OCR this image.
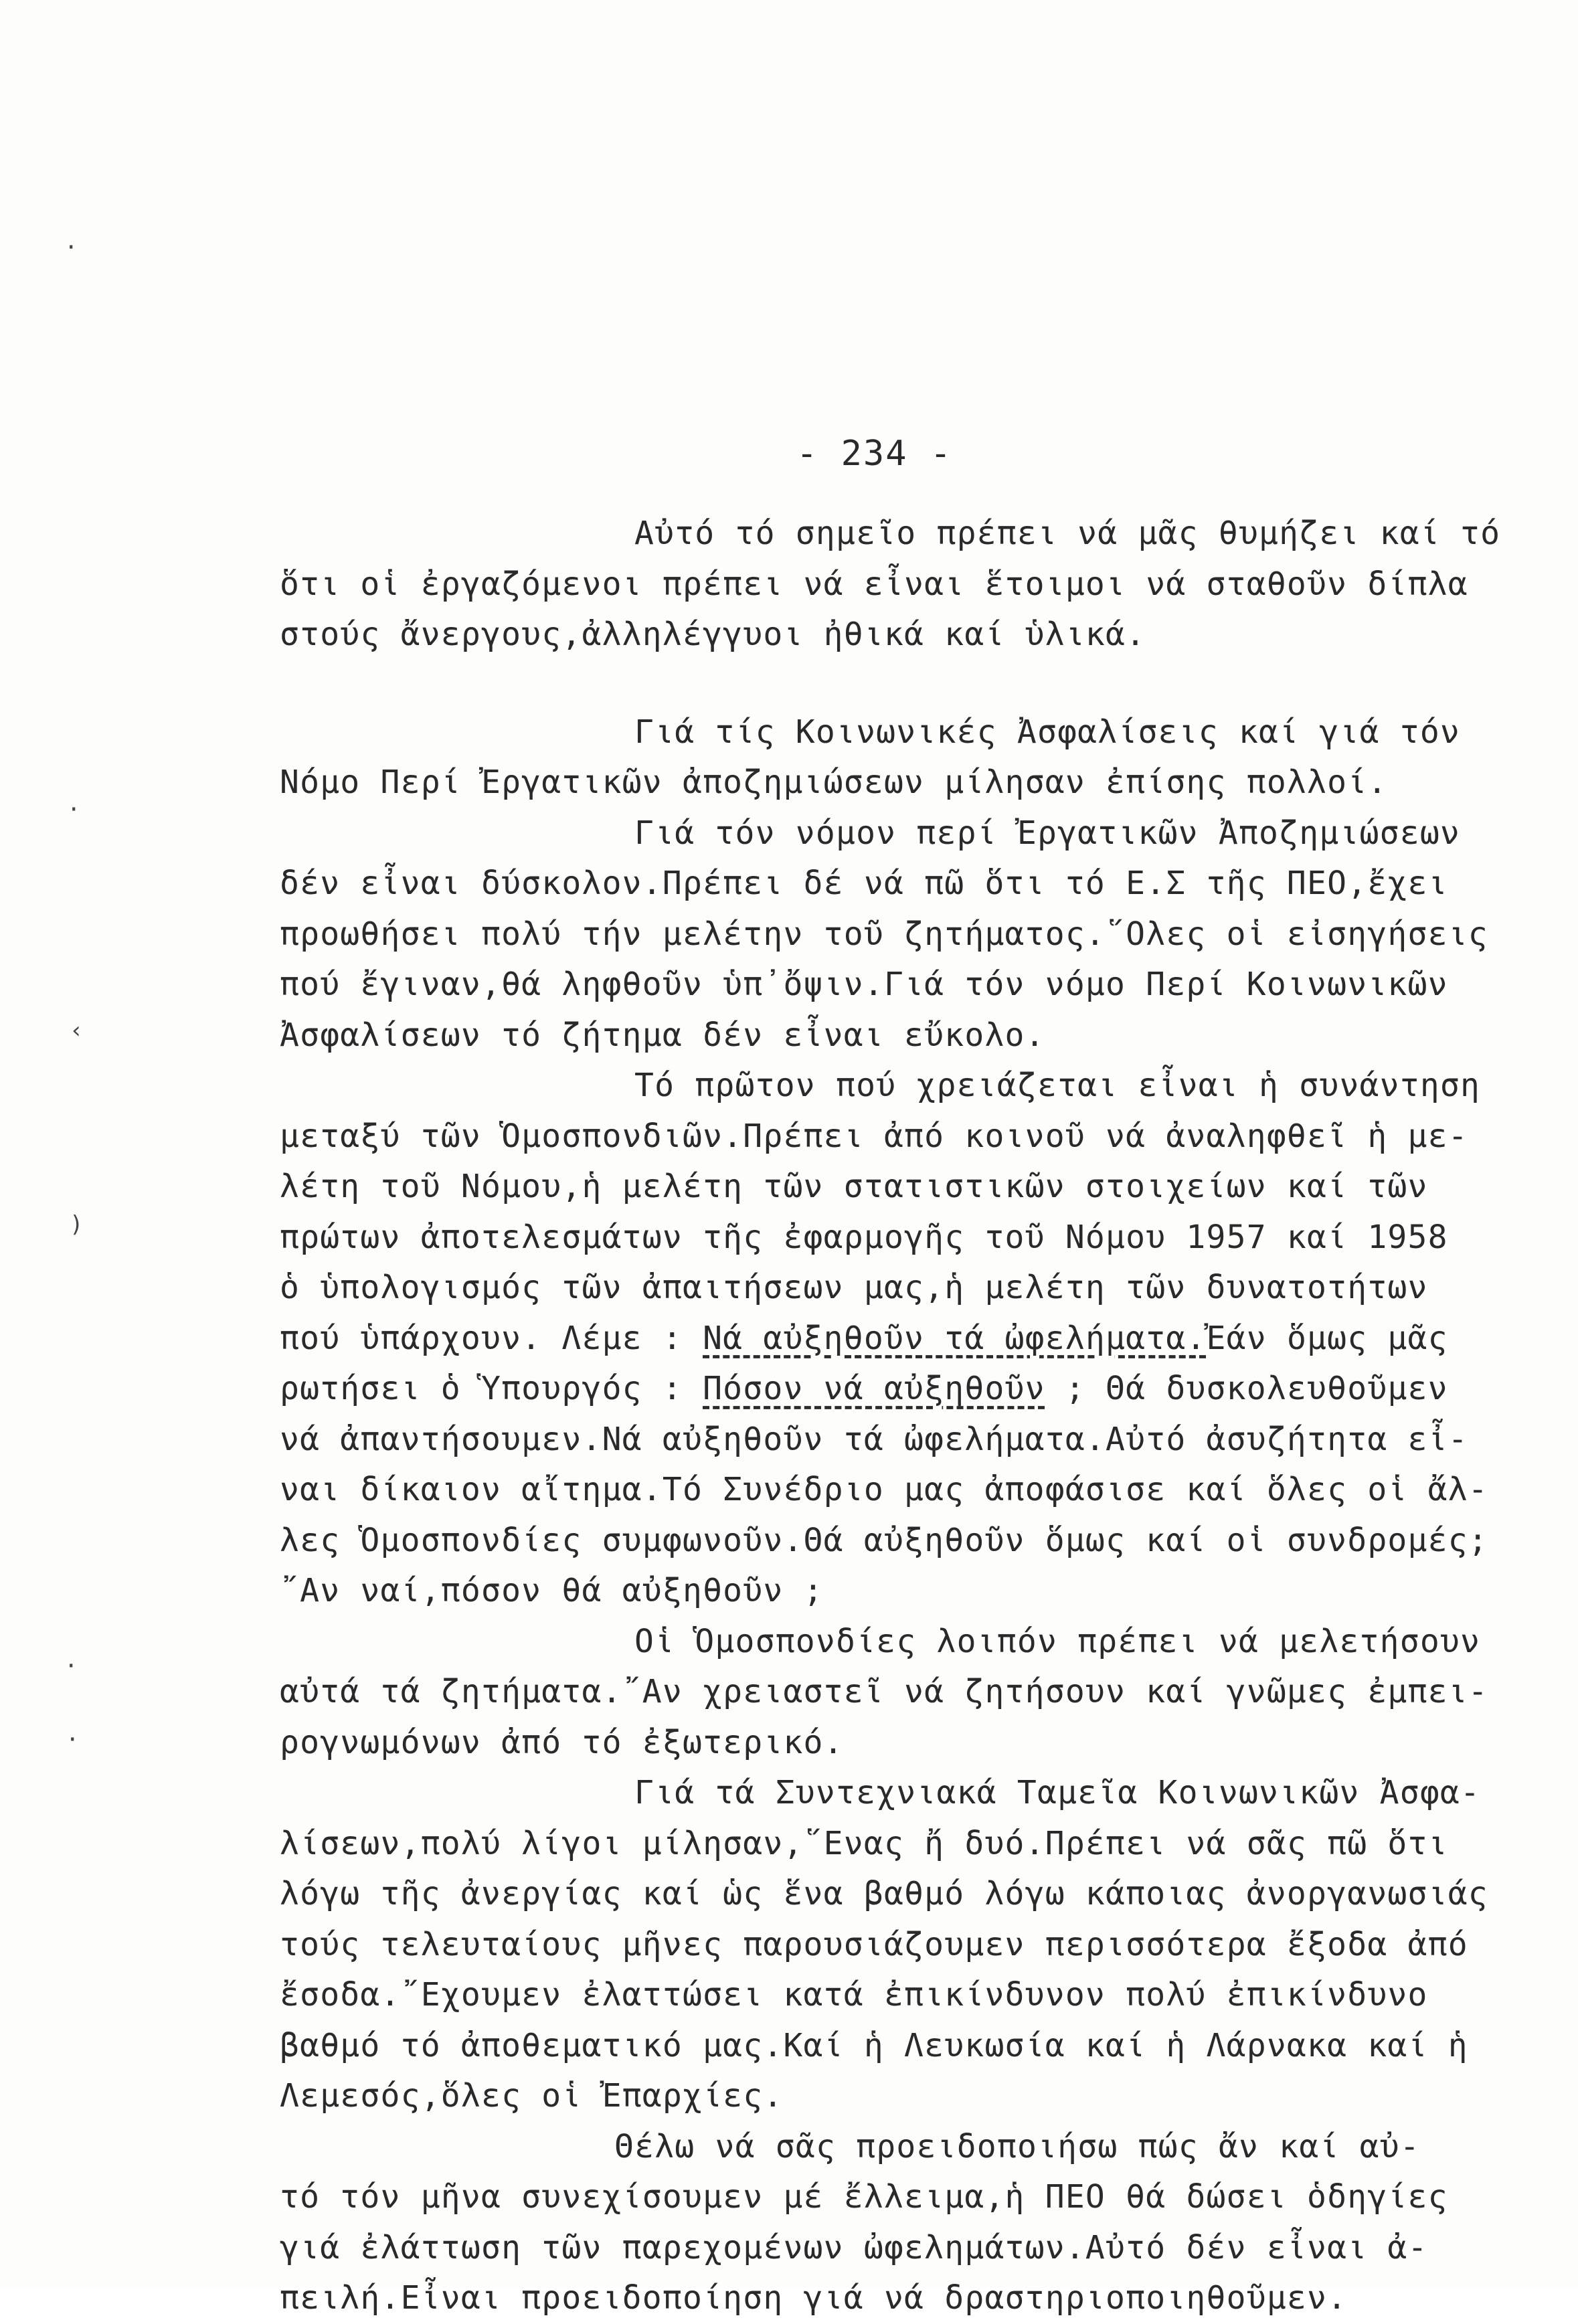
·
·
‹
)
·
·
- 234 -
Αὐτό τό σημεῖο πρέπει νά μᾶς θυμήζει καί τό
ὅτι οἱ ἐργαζόμενοι πρέπει νά εἶναι ἕτοιμοι νά σταθοῦν δίπλα
στούς ἄνεργους,ἀλληλέγγυοι ἠθικά καί ὑλικά.
Γιά τίς Κοινωνικές Ἀσφαλίσεις καί γιά τόν
Νόμο Περί Ἐργατικῶν ἀποζημιώσεων μίλησαν ἐπίσης πολλοί.
Γιά τόν νόμον περί Ἐργατικῶν Ἀποζημιώσεων
δέν εἶναι δύσκολον.Πρέπει δέ νά πῶ ὅτι τό Ε.Σ τῆς ΠΕΟ,ἔχει
προωθήσει πολύ τήν μελέτην τοῦ ζητήματος.῞Ολες οἱ εἰσηγήσεις
πού ἔγιναν,θά ληφθοῦν ὑπ᾽ὄψιν.Γιά τόν νόμο Περί Κοινωνικῶν
Ἀσφαλίσεων τό ζήτημα δέν εἶναι εὔκολο.
Τό πρῶτον πού χρειάζεται εἶναι ἡ συνάντηση
μεταξύ τῶν Ὁμοσπονδιῶν.Πρέπει ἀπό κοινοῦ νά ἀναληφθεῖ ἡ με-
λέτη τοῦ Νόμου,ἡ μελέτη τῶν στατιστικῶν στοιχείων καί τῶν
πρώτων ἀποτελεσμάτων τῆς ἐφαρμογῆς τοῦ Νόμου 1957 καί 1958
ὁ ὑπολογισμός τῶν ἀπαιτήσεων μας,ἡ μελέτη τῶν δυνατοτήτων
πού ὑπάρχουν. Λέμε : Νά αὐξηθοῦν τά ὠφελήματα.Ἐάν ὅμως μᾶς
ρωτήσει ὁ Ὑπουργός : Πόσον νά αὐξηθοῦν ; Θά δυσκολευθοῦμεν
νά ἀπαντήσουμεν.Νά αὐξηθοῦν τά ὠφελήματα.Αὐτό ἀσυζήτητα εἶ-
ναι δίκαιον αἴτημα.Τό Συνέδριο μας ἀποφάσισε καί ὅλες οἱ ἄλ-
λες Ὁμοσπονδίες συμφωνοῦν.Θά αὐξηθοῦν ὅμως καί οἱ συνδρομές;
῎Αν ναί,πόσον θά αὐξηθοῦν ;
Οἱ Ὁμοσπονδίες λοιπόν πρέπει νά μελετήσουν
αὐτά τά ζητήματα.῎Αν χρειαστεῖ νά ζητήσουν καί γνῶμες ἐμπει-
ρογνωμόνων ἀπό τό ἐξωτερικό.
Γιά τά Συντεχνιακά Ταμεῖα Κοινωνικῶν Ἀσφα-
λίσεων,πολύ λίγοι μίλησαν,῞Ενας ἤ δυό.Πρέπει νά σᾶς πῶ ὅτι
λόγω τῆς ἀνεργίας καί ὡς ἕνα βαθμό λόγω κάποιας ἀνοργανωσιάς
τούς τελευταίους μῆνες παρουσιάζουμεν περισσότερα ἔξοδα ἀπό
ἔσοδα.῎Εχουμεν ἐλαττώσει κατά ἐπικίνδυνον πολύ ἐπικίνδυνο
βαθμό τό ἀποθεματικό μας.Καί ἡ Λευκωσία καί ἡ Λάρνακα καί ἡ
Λεμεσός,ὅλες οἱ Ἐπαρχίες.
Θέλω νά σᾶς προειδοποιήσω πώς ἄν καί αὐ-
τό τόν μῆνα συνεχίσουμεν μέ ἔλλειμα,ἡ ΠΕΟ θά δώσει ὁδηγίες
γιά ἐλάττωση τῶν παρεχομένων ὠφελημάτων.Αὐτό δέν εἶναι ἀ-
πειλή.Εἶναι προειδοποίηση γιά νά δραστηριοποιηθοῦμεν.
